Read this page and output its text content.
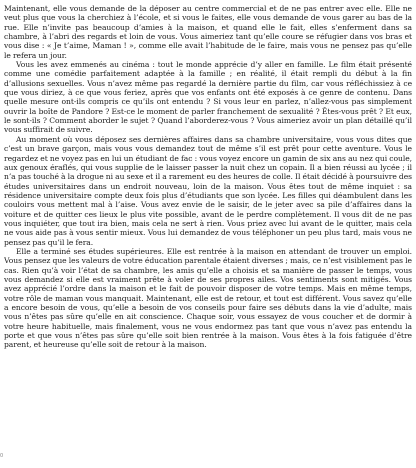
Maintenant, elle vous demande de la déposer au centre commercial et de ne pas entrer avec elle. Elle ne veut plus que vous la cherchiez à l’école, et si vous le faites, elle vous demande de vous garer au bas de la rue. Elle n’invite pas beaucoup d’amies à la maison, et quand elle le fait, elles s’enferment dans sa chambre, à l’abri des regards et loin de vous. Vous aimeriez tant qu’elle coure se réfugier dans vos bras et vous dise : « Je t’aime, Maman ! », comme elle avait l’habitude de le faire, mais vous ne pensez pas qu’elle le refera un jour.

Vous les avez emmenés au cinéma : tout le monde appréciе d’y aller en famille. Le film était présenté comme une comédie parfaitement adaptée à la famille ; en réalité, il était rempli du début à la fin d’allusions sexuelles. Vous n’avez même pas regardé la dernière partie du film, car vous réfléchissiez à ce que vous diriez, à ce que vous feriez, après que vos enfants ont été exposés à ce genre de contenu. Dans quelle mesure ont-ils compris ce qu’ils ont entendu ? Si vous leur en parlez, n’allez-vous pas simplement ouvrir la boîte de Pandore ? Est-ce le moment de parler franchement de sexualité ? Êtes-vous prêt ? Et eux, le sont-ils ? Comment aborder le sujet ? Quand l’aborderez-vous ? Vous aimeriez avoir un plan détaillé qu’il vous suffirait de suivre.

Au moment où vous déposez ses dernières affaires dans sa chambre universitaire, vous vous dites que c’est un brave garçon, mais vous vous demandez tout de même s’il est prêt pour cette aventure. Vous le regardez et ne voyez pas en lui un étudiant de fac : vous voyez encore un gamin de six ans au nez qui coule, aux genoux éraflés, qui vous supplie de le laisser passer la nuit chez un copain. Il a bien réussi au lycée ; il n’a pas touché à la drogue ni au sexe et il a rarement eu des heures de colle. Il était décidé à poursuivre des études universitaires dans un endroit nouveau, loin de la maison. Vous êtes tout de même inquiet : sa résidence universitaire compte deux fois plus d’étudiants que son lycée. Les filles qui déambulent dans les couloirs vous mettent mal à l’aise. Vous avez envie de le saisir, de le jeter avec sa pile d’affaires dans la voiture et de quitter ces lieux le plus vite possible, avant de le perdre complètement. Il vous dit de ne pas vous inquiéter, que tout ira bien, mais cela ne sert à rien. Vous priez avec lui avant de le quitter, mais cela ne vous aide pas à vous sentir mieux. Vous lui demandez de vous téléphoner un peu plus tard, mais vous ne pensez pas qu’il le fera.

Elle a terminé ses études supérieures. Elle est rentrée à la maison en attendant de trouver un emploi. Vous pensez que les valeurs de votre éducation parentale étaient diverses ; mais, ce n’est visiblement pas le cas. Rien qu’à voir l’état de sa chambre, les amis qu’elle a choisis et sa manière de passer le temps, vous vous demandez si elle est vraiment prête à voler de ses propres ailes. Vos sentiments sont mitigés. Vous avez apprécié l’ordre dans la maison et le fait de pouvoir disposer de votre temps. Mais en même temps, votre rôle de maman vous manquait. Maintenant, elle est de retour, et tout est différent. Vous savez qu’elle a encore besoin de vous, qu’elle a besoin de vos conseils pour faire ses débuts dans la vie d’adulte, mais vous n’êtes pas sûre qu’elle en ait conscience. Chaque soir, vous essayez de vous coucher et de dormir à votre heure habituelle, mais finalement, vous ne vous endormez pas tant que vous n’avez pas entendu la porte et que vous n’êtes pas sûre qu’elle soit bien rentrée à la maison. Vous êtes à la fois fatiguée d’être parent, et heureuse qu’elle soit de retour à la maison.

0
